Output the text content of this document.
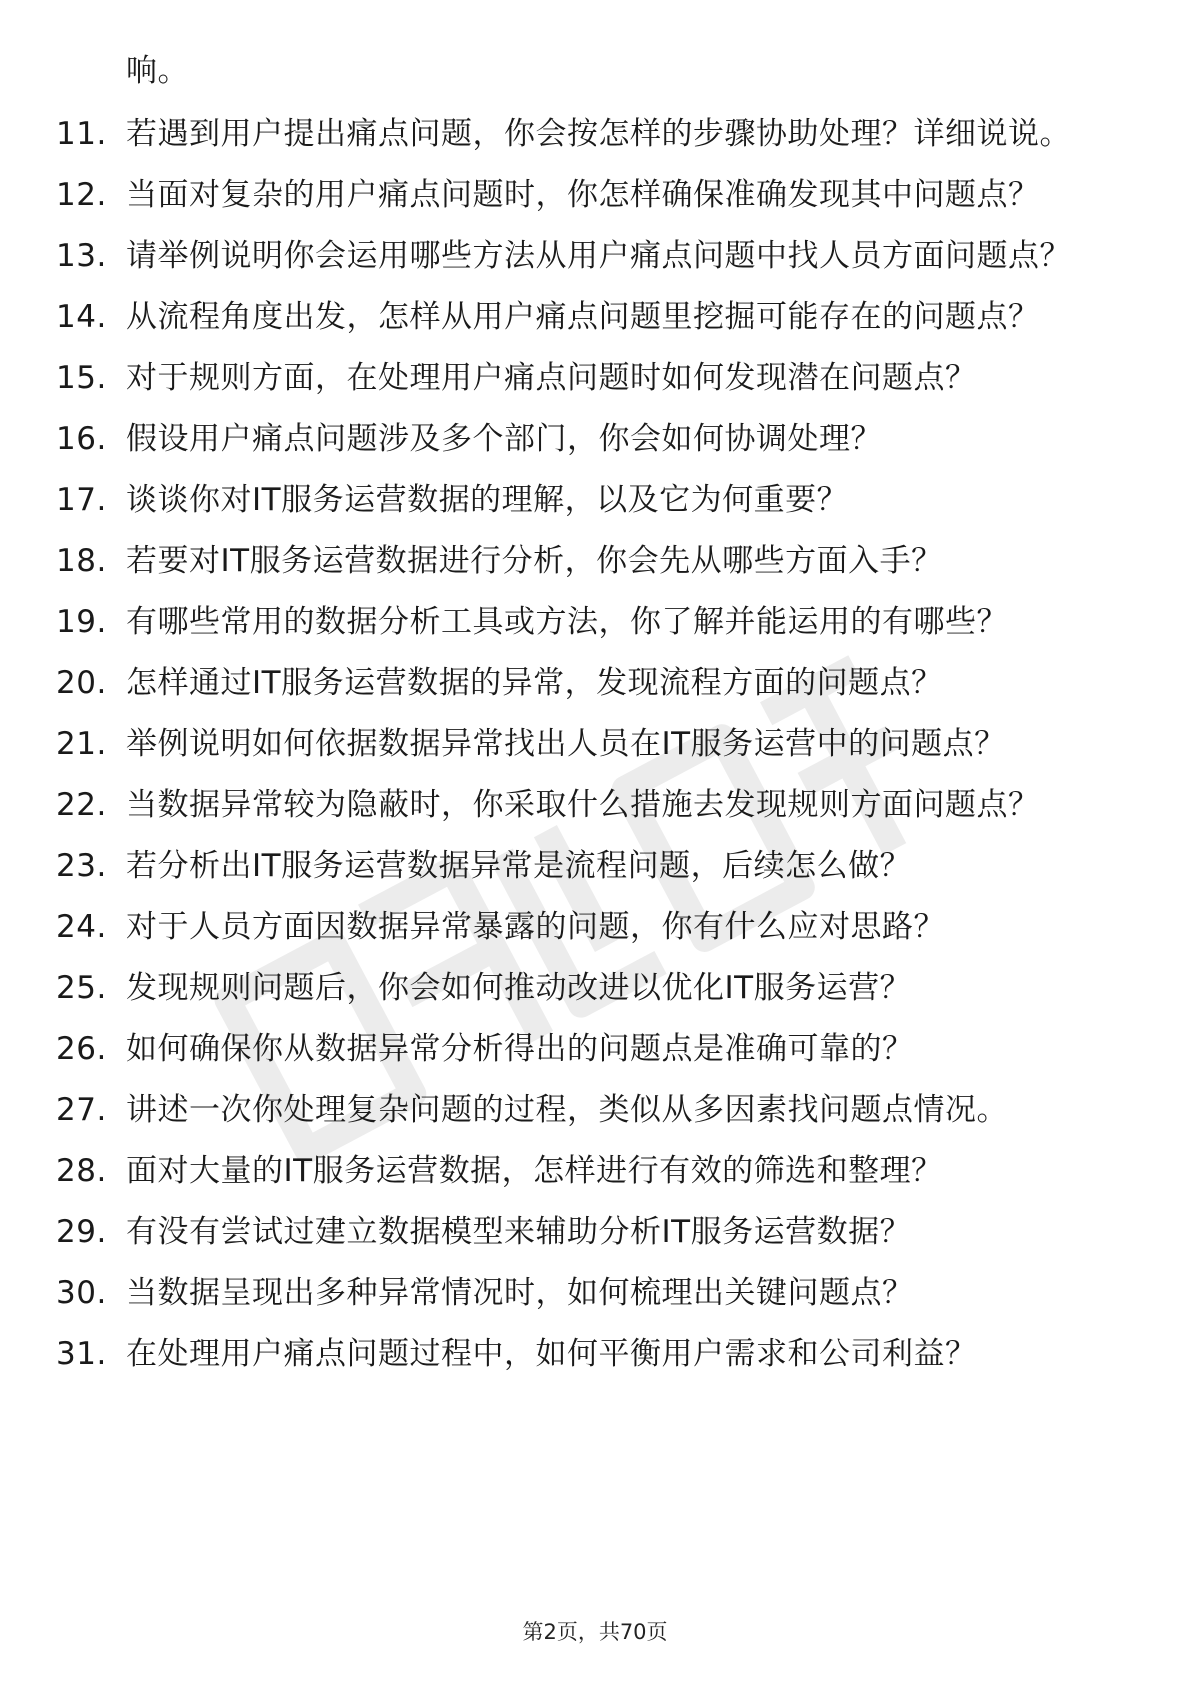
响。
11. 若遇到用户提出痛点问题，你会按怎样的步骤协助处理？详细说说。
12. 当面对复杂的用户痛点问题时，你怎样确保准确发现其中问题点？
13. 请举例说明你会运用哪些方法从用户痛点问题中找人员方面问题点？
14. 从流程角度出发，怎样从用户痛点问题里挖掘可能存在的问题点？
15. 对于规则方面，在处理用户痛点问题时如何发现潜在问题点？
16. 假设用户痛点问题涉及多个部门，你会如何协调处理？
17. 谈谈你对IT服务运营数据的理解，以及它为何重要？
18. 若要对IT服务运营数据进行分析，你会先从哪些方面入手？
19. 有哪些常用的数据分析工具或方法，你了解并能运用的有哪些？
20. 怎样通过IT服务运营数据的异常，发现流程方面的问题点？
21. 举例说明如何依据数据异常找出人员在IT服务运营中的问题点？
22. 当数据异常较为隐蔽时，你采取什么措施去发现规则方面问题点？
23. 若分析出IT服务运营数据异常是流程问题，后续怎么做？
24. 对于人员方面因数据异常暴露的问题，你有什么应对思路？
25. 发现规则问题后，你会如何推动改进以优化IT服务运营？
26. 如何确保你从数据异常分析得出的问题点是准确可靠的？
27. 讲述一次你处理复杂问题的过程，类似从多因素找问题点情况。
28. 面对大量的IT服务运营数据，怎样进行有效的筛选和整理？
29. 有没有尝试过建立数据模型来辅助分析IT服务运营数据？
30. 当数据呈现出多种异常情况时，如何梳理出关键问题点？
31. 在处理用户痛点问题过程中，如何平衡用户需求和公司利益？
第2页，共70页
